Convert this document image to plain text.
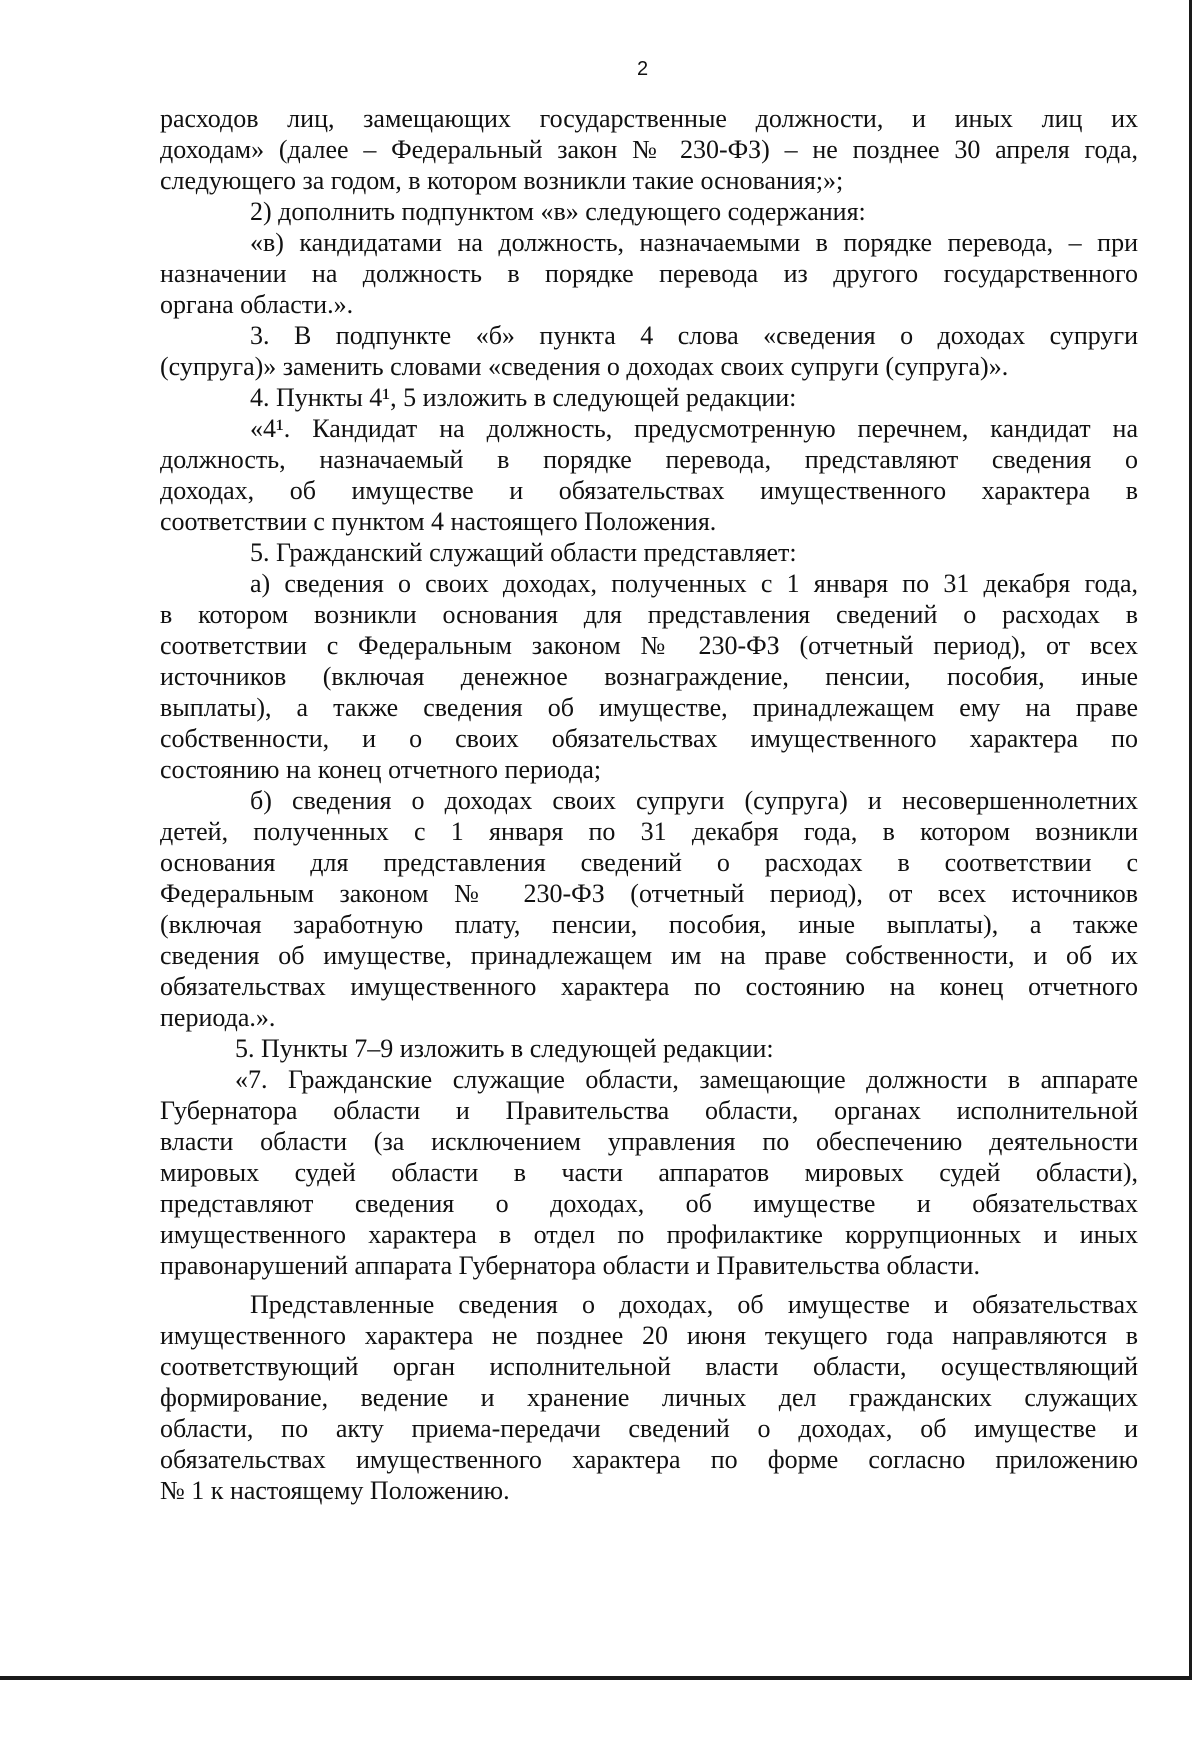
2
расходов лиц, замещающих государственные должности, и иных лиц их
доходам» (далее – Федеральный закон № 230-ФЗ) – не позднее 30 апреля года,
следующего за годом, в котором возникли такие основания;»;
2) дополнить подпунктом «в» следующего содержания:
«в) кандидатами на должность, назначаемыми в порядке перевода, – при
назначении на должность в порядке перевода из другого государственного
органа области.».
3. В подпункте «б» пункта 4 слова «сведения о доходах супруги
(супруга)» заменить словами «сведения о доходах своих супруги (супруга)».
4. Пункты 4¹, 5 изложить в следующей редакции:
«4¹. Кандидат на должность, предусмотренную перечнем, кандидат на
должность, назначаемый в порядке перевода, представляют сведения о
доходах, об имуществе и обязательствах имущественного характера в
соответствии с пунктом 4 настоящего Положения.
5. Гражданский служащий области представляет:
а) сведения о своих доходах, полученных с 1 января по 31 декабря года,
в котором возникли основания для представления сведений о расходах в
соответствии с Федеральным законом № 230-ФЗ (отчетный период), от всех
источников (включая денежное вознаграждение, пенсии, пособия, иные
выплаты), а также сведения об имуществе, принадлежащем ему на праве
собственности, и о своих обязательствах имущественного характера по
состоянию на конец отчетного периода;
б) сведения о доходах своих супруги (супруга) и несовершеннолетних
детей, полученных с 1 января по 31 декабря года, в котором возникли
основания для представления сведений о расходах в соответствии с
Федеральным законом № 230-ФЗ (отчетный период), от всех источников
(включая заработную плату, пенсии, пособия, иные выплаты), а также
сведения об имуществе, принадлежащем им на праве собственности, и об их
обязательствах имущественного характера по состоянию на конец отчетного
периода.».
5. Пункты 7–9 изложить в следующей редакции:
«7. Гражданские служащие области, замещающие должности в аппарате
Губернатора области и Правительства области, органах исполнительной
власти области (за исключением управления по обеспечению деятельности
мировых судей области в части аппаратов мировых судей области),
представляют сведения о доходах, об имуществе и обязательствах
имущественного характера в отдел по профилактике коррупционных и иных
правонарушений аппарата Губернатора области и Правительства области.
Представленные сведения о доходах, об имуществе и обязательствах
имущественного характера не позднее 20 июня текущего года направляются в
соответствующий орган исполнительной власти области, осуществляющий
формирование, ведение и хранение личных дел гражданских служащих
области, по акту приема-передачи сведений о доходах, об имуществе и
обязательствах имущественного характера по форме согласно приложению
№ 1 к настоящему Положению.
